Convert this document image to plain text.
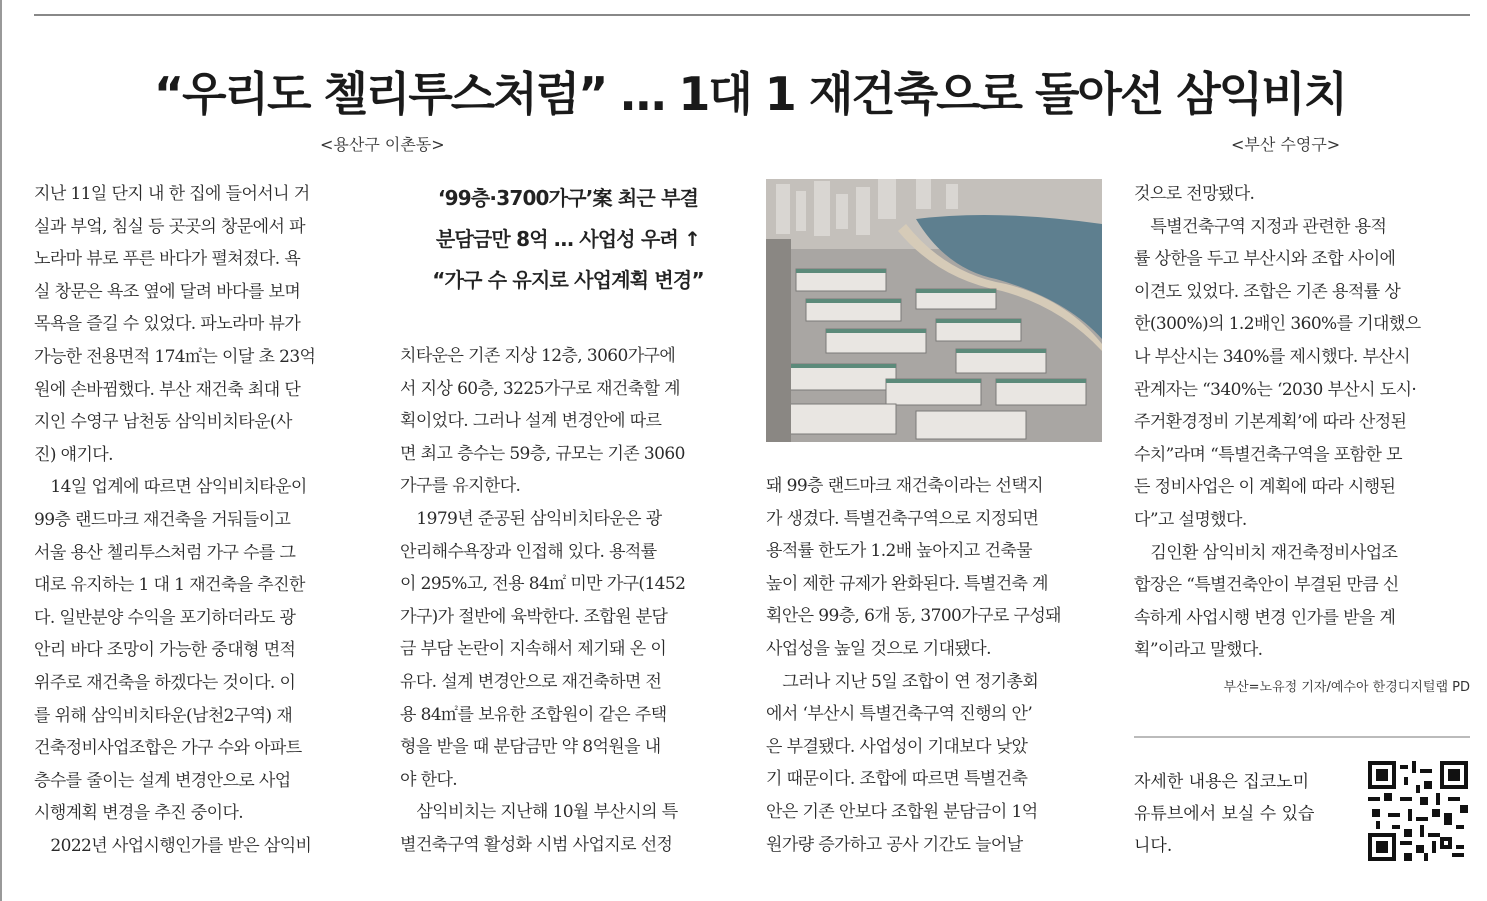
“우리도 첼리투스처럼” … 1대 1 재건축으로 돌아선 삼익비치
<용산구 이촌동>	<부산 수영구>

지난 11일 단지 내 한 집에 들어서니 거

실과 부엌, 침실 등 곳곳의 창문에서 파

노라마 뷰로 푸른 바다가 펼쳐졌다. 욕

실 창문은 욕조 옆에 달려 바다를 보며

목욕을 즐길 수 있었다. 파노라마 뷰가

가능한 전용면적 174㎡는 이달 초 23억

원에 손바뀜했다. 부산 재건축 최대 단

지인 수영구 남천동 삼익비치타운(사

진) 얘기다.

　14일 업계에 따르면 삼익비치타운이

99층 랜드마크 재건축을 거둬들이고

서울 용산 첼리투스처럼 가구 수를 그

대로 유지하는 1 대 1 재건축을 추진한

다. 일반분양 수익을 포기하더라도 광

안리 바다 조망이 가능한 중대형 면적

위주로 재건축을 하겠다는 것이다. 이

를 위해 삼익비치타운(남천2구역) 재

건축정비사업조합은 가구 수와 아파트

층수를 줄이는 설계 변경안으로 사업

시행계획 변경을 추진 중이다.

　2022년 사업시행인가를 받은 삼익비

‘99층·3700가구’案 최근 부결
분담금만 8억 … 사업성 우려 ↑
“가구 수 유지로 사업계획 변경”

치타운은 기존 지상 12층, 3060가구에

서 지상 60층, 3225가구로 재건축할 계

획이었다. 그러나 설계 변경안에 따르

면 최고 층수는 59층, 규모는 기존 3060

가구를 유지한다.

　1979년 준공된 삼익비치타운은 광

안리해수욕장과 인접해 있다. 용적률

이 295%고, 전용 84㎡ 미만 가구(1452

가구)가 절반에 육박한다. 조합원 분담

금 부담 논란이 지속해서 제기돼 온 이

유다. 설계 변경안으로 재건축하면 전

용 84㎡를 보유한 조합원이 같은 주택

형을 받을 때 분담금만 약 8억원을 내

야 한다.

　삼익비치는 지난해 10월 부산시의 특

별건축구역 활성화 시범 사업지로 선정

돼 99층 랜드마크 재건축이라는 선택지

가 생겼다. 특별건축구역으로 지정되면

용적률 한도가 1.2배 높아지고 건축물

높이 제한 규제가 완화된다. 특별건축 계

획안은 99층, 6개 동, 3700가구로 구성돼

사업성을 높일 것으로 기대됐다.

　그러나 지난 5일 조합이 연 정기총회

에서 ‘부산시 특별건축구역 진행의 안’

은 부결됐다. 사업성이 기대보다 낮았

기 때문이다. 조합에 따르면 특별건축

안은 기존 안보다 조합원 분담금이 1억

원가량 증가하고 공사 기간도 늘어날

것으로 전망됐다.

　특별건축구역 지정과 관련한 용적

률 상한을 두고 부산시와 조합 사이에

이견도 있었다. 조합은 기존 용적률 상

한(300%)의 1.2배인 360%를 기대했으

나 부산시는 340%를 제시했다. 부산시

관계자는 “340%는 ‘2030 부산시 도시·

주거환경정비 기본계획’에 따라 산정된

수치”라며 “특별건축구역을 포함한 모

든 정비사업은 이 계획에 따라 시행된

다”고 설명했다.

　김인환 삼익비치 재건축정비사업조

합장은 “특별건축안이 부결된 만큼 신

속하게 사업시행 변경 인가를 받을 계

획”이라고 말했다.

부산=노유정 기자/예수아 한경디지털랩 PD
자세한 내용은 집코노미
유튜브에서 보실 수 있습
니다.
